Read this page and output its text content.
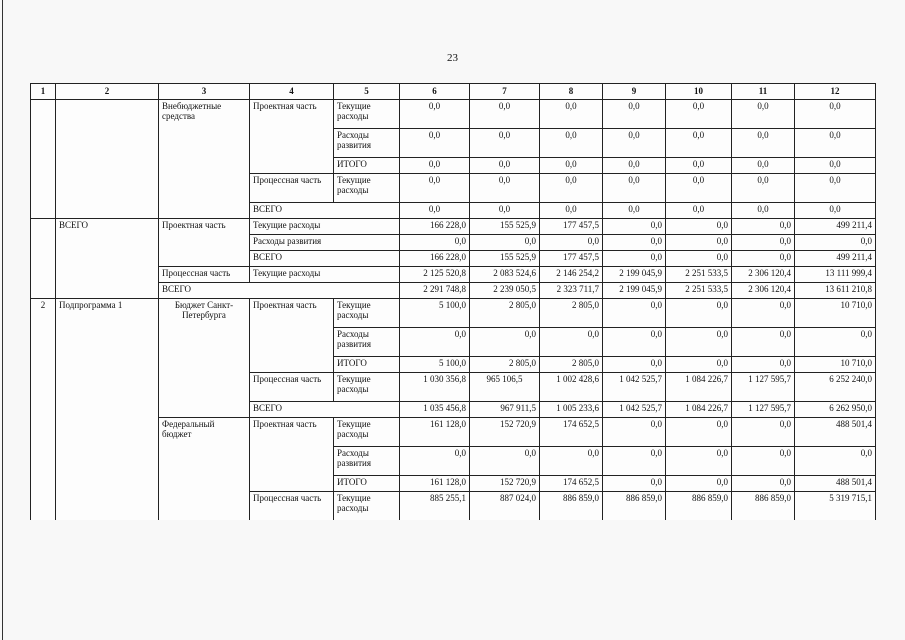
23
1	2	3	4	5	6	7	8	9	10	11	12
		Внебюджетные средства	Проектная часть	Текущие расходы	0,0	0,0	0,0	0,0	0,0	0,0	0,0
				Расходы развития	0,0	0,0	0,0	0,0	0,0	0,0	0,0
				ИТОГО	0,0	0,0	0,0	0,0	0,0	0,0	0,0
			Процессная часть	Текущие расходы	0,0	0,0	0,0	0,0	0,0	0,0	0,0
			ВСЕГО		0,0	0,0	0,0	0,0	0,0	0,0	0,0
	ВСЕГО	Проектная часть	Текущие расходы		166 228,0	155 525,9	177 457,5	0,0	0,0	0,0	499 211,4
			Расходы развития		0,0	0,0	0,0	0,0	0,0	0,0	0,0
			ВСЕГО		166 228,0	155 525,9	177 457,5	0,0	0,0	0,0	499 211,4
		Процессная часть	Текущие расходы		2 125 520,8	2 083 524,6	2 146 254,2	2 199 045,9	2 251 533,5	2 306 120,4	13 111 999,4
		ВСЕГО			2 291 748,8	2 239 050,5	2 323 711,7	2 199 045,9	2 251 533,5	2 306 120,4	13 611 210,8
2	Подпрограмма 1	Бюджет Санкт-Петербурга	Проектная часть	Текущие расходы	5 100,0	2 805,0	2 805,0	0,0	0,0	0,0	10 710,0
				Расходы развития	0,0	0,0	0,0	0,0	0,0	0,0	0,0
				ИТОГО	5 100,0	2 805,0	2 805,0	0,0	0,0	0,0	10 710,0
			Процессная часть	Текущие расходы	1 030 356,8	965 106,5	1 002 428,6	1 042 525,7	1 084 226,7	1 127 595,7	6 252 240,0
			ВСЕГО		1 035 456,8	967 911,5	1 005 233,6	1 042 525,7	1 084 226,7	1 127 595,7	6 262 950,0
		Федеральный бюджет	Проектная часть	Текущие расходы	161 128,0	152 720,9	174 652,5	0,0	0,0	0,0	488 501,4
				Расходы развития	0,0	0,0	0,0	0,0	0,0	0,0	0,0
				ИТОГО	161 128,0	152 720,9	174 652,5	0,0	0,0	0,0	488 501,4
			Процессная часть	Текущие расходы	885 255,1	887 024,0	886 859,0	886 859,0	886 859,0	886 859,0	5 319 715,1
